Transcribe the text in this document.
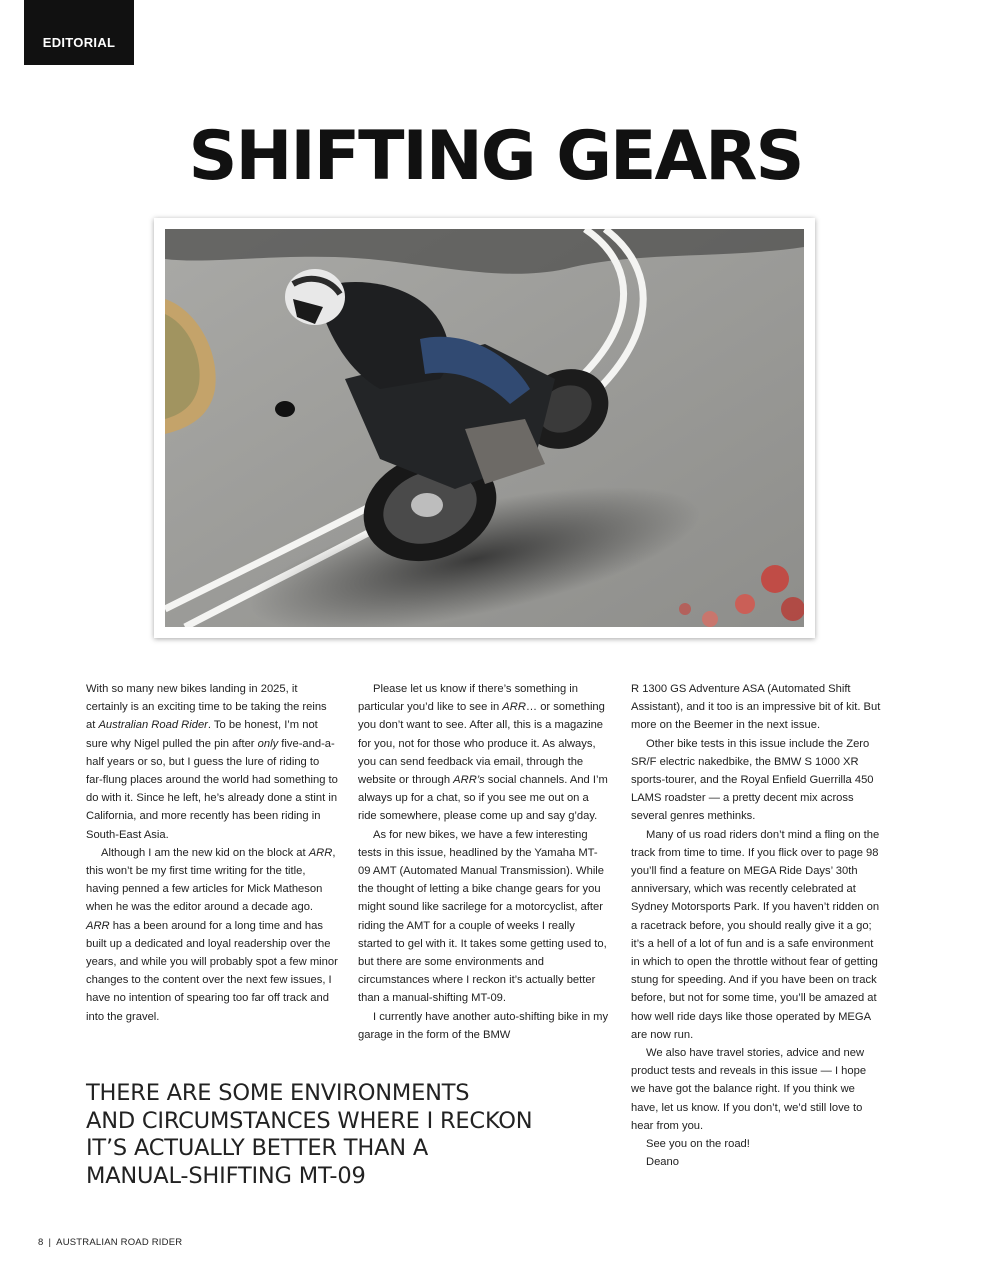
EDITORIAL
SHIFTING GEARS

With so many new bikes landing in 2025, it certainly is an exciting time to be taking the reins at Australian Road Rider. To be honest, I’m not sure why Nigel pulled the pin after only five-and-a-half years or so, but I guess the lure of riding to far-flung places around the world had something to do with it. Since he left, he’s already done a stint in California, and more recently has been riding in South-East Asia.

Although I am the new kid on the block at ARR, this won’t be my first time writing for the title, having penned a few articles for Mick Matheson when he was the editor around a decade ago. ARR has a been around for a long time and has built up a dedicated and loyal readership over the years, and while you will probably spot a few minor changes to the content over the next few issues, I have no intention of spearing too far off track and into the gravel.

Please let us know if there’s something in particular you’d like to see in ARR… or something you don’t want to see. After all, this is a magazine for you, not for those who produce it. As always, you can send feedback via email, through the website or through ARR’s social channels. And I’m always up for a chat, so if you see me out on a ride somewhere, please come up and say g’day.

As for new bikes, we have a few interesting tests in this issue, headlined by the Yamaha MT-09 AMT (Automated Manual Transmission). While the thought of letting a bike change gears for you might sound like sacrilege for a motorcyclist, after riding the AMT for a couple of weeks I really started to gel with it. It takes some getting used to, but there are some environments and circumstances where I reckon it’s actually better than a manual-shifting MT-09.

I currently have another auto-shifting bike in my garage in the form of the BMW

R 1300 GS Adventure ASA (Automated Shift Assistant), and it too is an impressive bit of kit. But more on the Beemer in the next issue.

Other bike tests in this issue include the Zero SR/F electric nakedbike, the BMW S 1000 XR sports-tourer, and the Royal Enfield Guerrilla 450 LAMS roadster — a pretty decent mix across several genres methinks.

Many of us road riders don’t mind a fling on the track from time to time. If you flick over to page 98 you’ll find a feature on MEGA Ride Days’ 30th anniversary, which was recently celebrated at Sydney Motorsports Park. If you haven’t ridden on a racetrack before, you should really give it a go; it’s a hell of a lot of fun and is a safe environment in which to open the throttle without fear of getting stung for speeding. And if you have been on track before, but not for some time, you’ll be amazed at how well ride days like those operated by MEGA are now run.

We also have travel stories, advice and new product tests and reveals in this issue — I hope we have got the balance right. If you think we have, let us know. If you don’t, we’d still love to hear from you.

See you on the road!

Deano

THERE ARE SOME ENVIRONMENTS
AND CIRCUMSTANCES WHERE I RECKON
IT’S ACTUALLY BETTER THAN A
MANUAL-SHIFTING MT-09
8 | AUSTRALIAN ROAD RIDER
